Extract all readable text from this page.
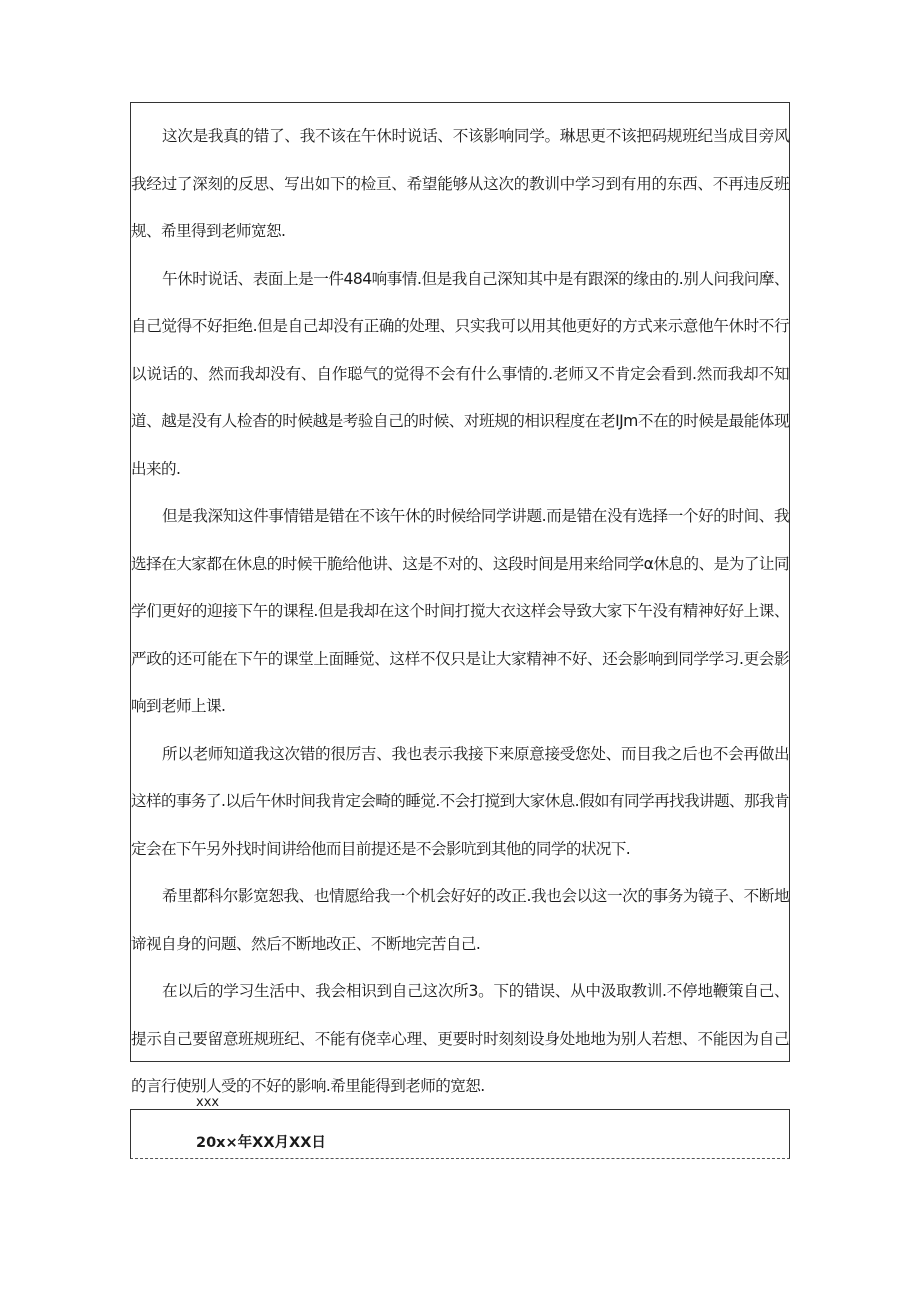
这次是我真的错了、我不该在午休时说话、不该影响同学。琳思更不该把码规班纪当成目旁风我经过了深刻的反思、写出如下的检亘、希望能够从这次的教训中学习到有用的东西、不再违反班规、希里得到老师宽恕.

午休时说话、表面上是一件484响事情.但是我自己深知其中是有跟深的缘由的.别人问我问摩、自己觉得不好拒绝.但是自己却没有正确的处理、只实我可以用其他更好的方式来示意他午休时不行以说话的、然而我却没有、自作聪气的觉得不会有什么事情的.老师又不肯定会看到.然而我却不知道、越是没有人检杳的时候越是考验自己的时候、对班规的相识程度在老IJm不在的时候是最能体现出来的.

但是我深知这件事情错是错在不该午休的时候给同学讲题.而是错在没有选择一个好的时间、我选择在大家都在休息的时候干脆给他讲、这是不对的、这段时间是用来给同学α休息的、是为了让同学们更好的迎接下午的课程.但是我却在这个时间打搅大衣这样会导致大家下午没有精神好好上课、严政的还可能在下午的课堂上面睡觉、这样不仅只是让大家精神不好、还会影响到同学学习.更会影响到老师上课.

所以老师知道我这次错的很厉吉、我也表示我接下来原意接受您处、而目我之后也不会再做出这样的事务了.以后午休时间我肯定会畸的睡觉.不会打搅到大家休息.假如有同学再找我讲题、那我肯定会在下午另外找时间讲给他而目前提还是不会影吭到其他的同学的状况下.

希里都科尔影宽恕我、也情愿给我一个机会好好的改正.我也会以这一次的事务为镜子、不断地谛视自身的问题、然后不断地改正、不断地完苦自己.

在以后的学习生活中、我会相识到自己这次所3。下的错误、从中汲取教训.不停地鞭策自己、提示自己要留意班规班纪、不能有侥幸心理、更要时时刻刻设身处地地为别人若想、不能因为自己的言行使别人受的不好的影响.希里能得到老师的宽恕.

xxx
20x×年XX月XX日
